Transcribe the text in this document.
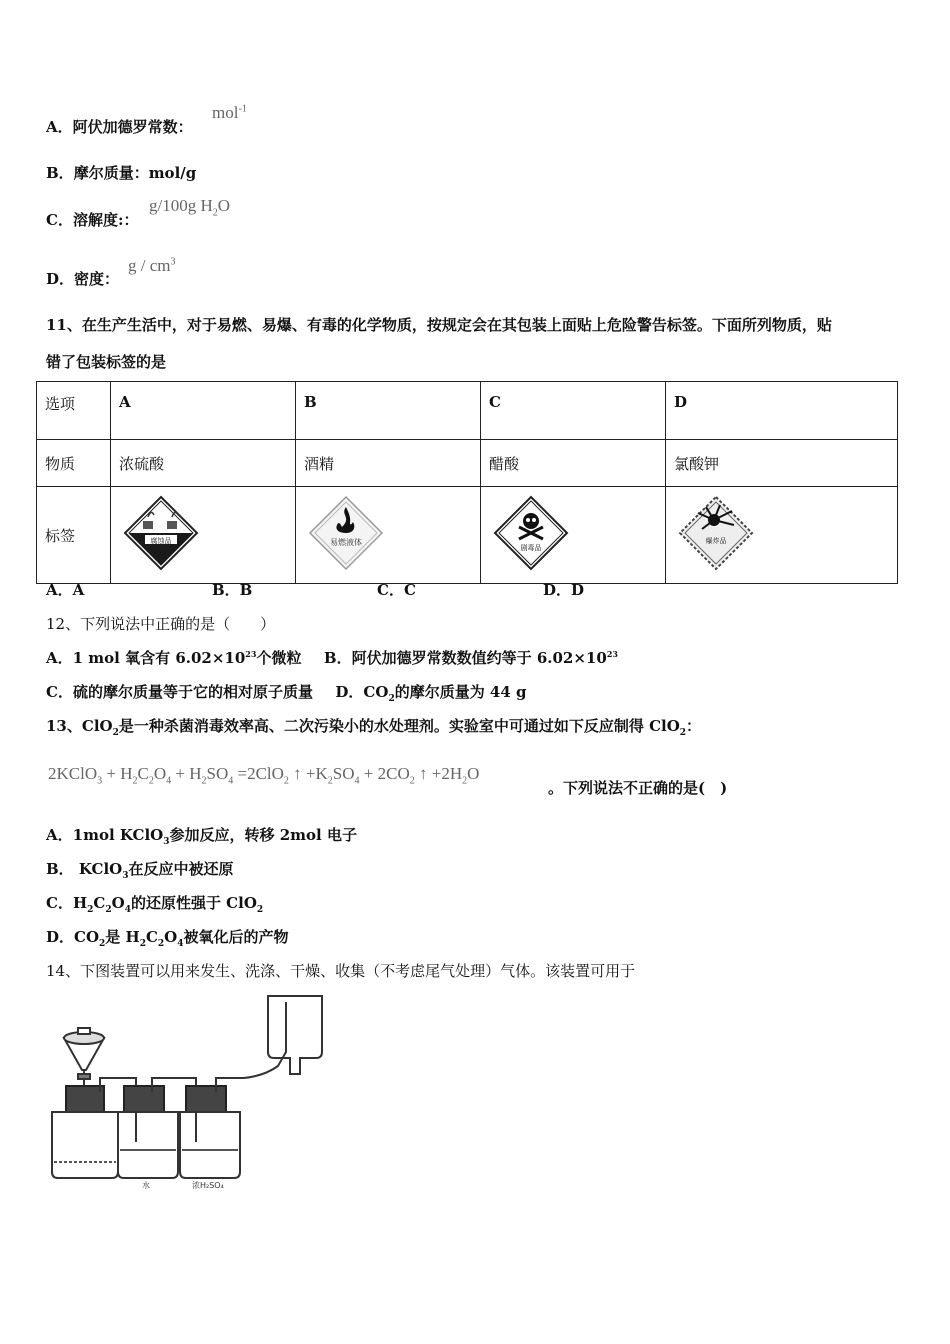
A．阿伏加德罗常数：
mol$^{-1}$
B．摩尔质量：mol/g
C．溶解度:：
g/100g $H_2O$
D．密度：
g / $cm^3$
11、在生产生活中，对于易燃、易爆、有毒的化学物质，按规定会在其包装上面贴上危险警告标签。下面所列物质，贴
错了包装标签的是
选项	A	B	C	D
物质	浓硫酸	酒精	醋酸	氯酸钾
标签	腐蚀品	易燃液体	剧毒品	爆炸品
A．A	B．B	C．C	D．D
12、下列说法中正确的是（　　）
A．1 mol 氧含有 $6.02\times 10^{23}$个微粒 B．阿伏加德罗常数数值约等于 $6.02\times 10^{23}$
C．硫的摩尔质量等于它的相对原子质量 D．$CO_2$的摩尔质量为 44 g
13、ClO$_2$是一种杀菌消毒效率高、二次污染小的水处理剂。实验室中可通过如下反应制得 ClO$_2$：
2KClO$_3$ + $H_2C_2O_4 + H_2SO_4 =2ClO_2$ ↑ $+K_2SO_4 + 2CO_2$ ↑ $+2H_2O$
。下列说法不正确的是(　)
A．1mol KClO$_3$参加反应，转移 2mol 电子
B． KClO$_3$在反应中被还原
C．$H_2C_2O_4$的还原性强于 ClO$_2$
D．$CO_2$是 $H_2C_2O_4$被氧化后的产物
14、下图装置可以用来发生、洗涤、干燥、收集（不考虑尾气处理）气体。该装置可用于
水	浓H₂SO₄
